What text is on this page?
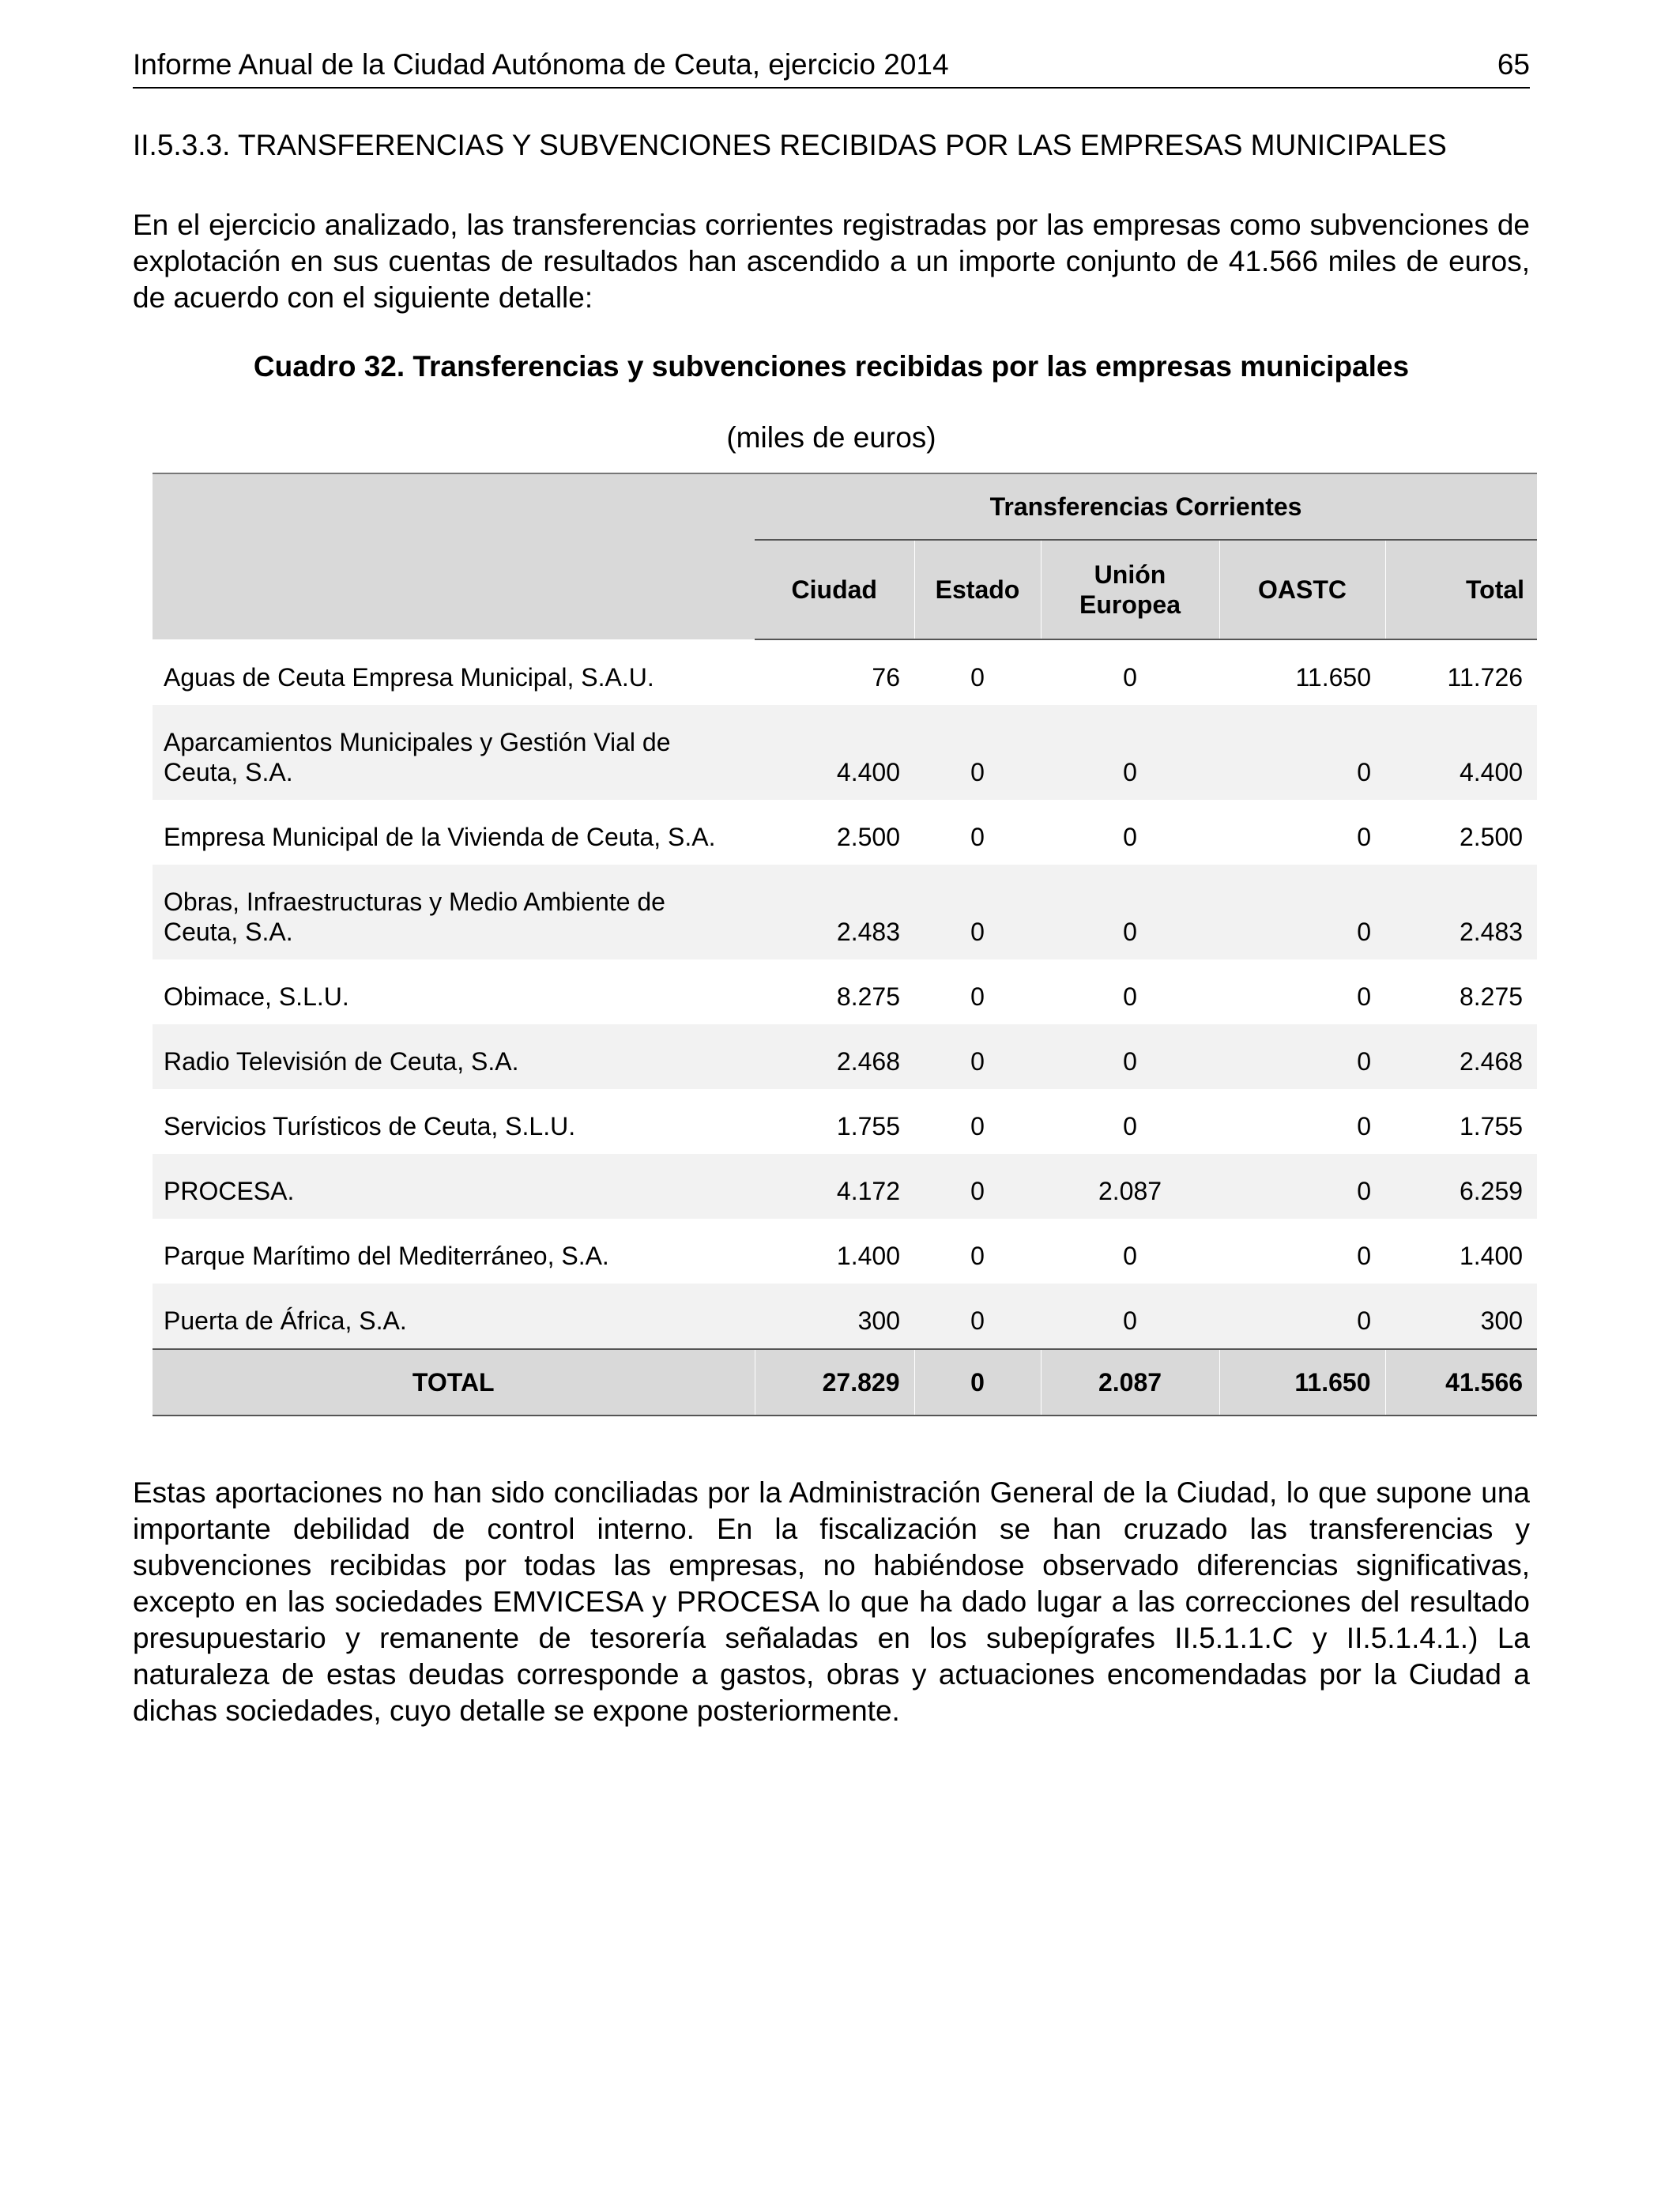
Informe Anual de la Ciudad Autónoma de Ceuta, ejercicio 2014	65
II.5.3.3. TRANSFERENCIAS Y SUBVENCIONES RECIBIDAS POR LAS EMPRESAS MUNICIPALES

En el ejercicio analizado, las transferencias corrientes registradas por las empresas como subvenciones de explotación en sus cuentas de resultados han ascendido a un importe conjunto de 41.566 miles de euros, de acuerdo con el siguiente detalle:

Cuadro 32. Transferencias y subvenciones recibidas por las empresas municipales
(miles de euros)
	Transferencias Corrientes				
	Ciudad	Estado	Unión Europea	OASTC	Total
Aguas de Ceuta Empresa Municipal, S.A.U.	76	0	0	11.650	11.726
Aparcamientos Municipales y Gestión Vial de Ceuta, S.A.	4.400	0	0	0	4.400
Empresa Municipal de la Vivienda de Ceuta, S.A.	2.500	0	0	0	2.500
Obras, Infraestructuras y Medio Ambiente de Ceuta, S.A.	2.483	0	0	0	2.483
Obimace, S.L.U.	8.275	0	0	0	8.275
Radio Televisión de Ceuta, S.A.	2.468	0	0	0	2.468
Servicios Turísticos de Ceuta, S.L.U.	1.755	0	0	0	1.755
PROCESA.	4.172	0	2.087	0	6.259
Parque Marítimo del Mediterráneo, S.A.	1.400	0	0	0	1.400
Puerta de África, S.A.	300	0	0	0	300
TOTAL	27.829	0	2.087	11.650	41.566

Estas aportaciones no han sido conciliadas por la Administración General de la Ciudad, lo que supone una importante debilidad de control interno. En la fiscalización se han cruzado las transferencias y subvenciones recibidas por todas las empresas, no habiéndose observado diferencias significativas, excepto en las sociedades EMVICESA y PROCESA lo que ha dado lugar a las correcciones del resultado presupuestario y remanente de tesorería señaladas en los subepígrafes II.5.1.1.C y II.5.1.4.1.) La naturaleza de estas deudas corresponde a gastos, obras y actuaciones encomendadas por la Ciudad a dichas sociedades, cuyo detalle se expone posteriormente.
